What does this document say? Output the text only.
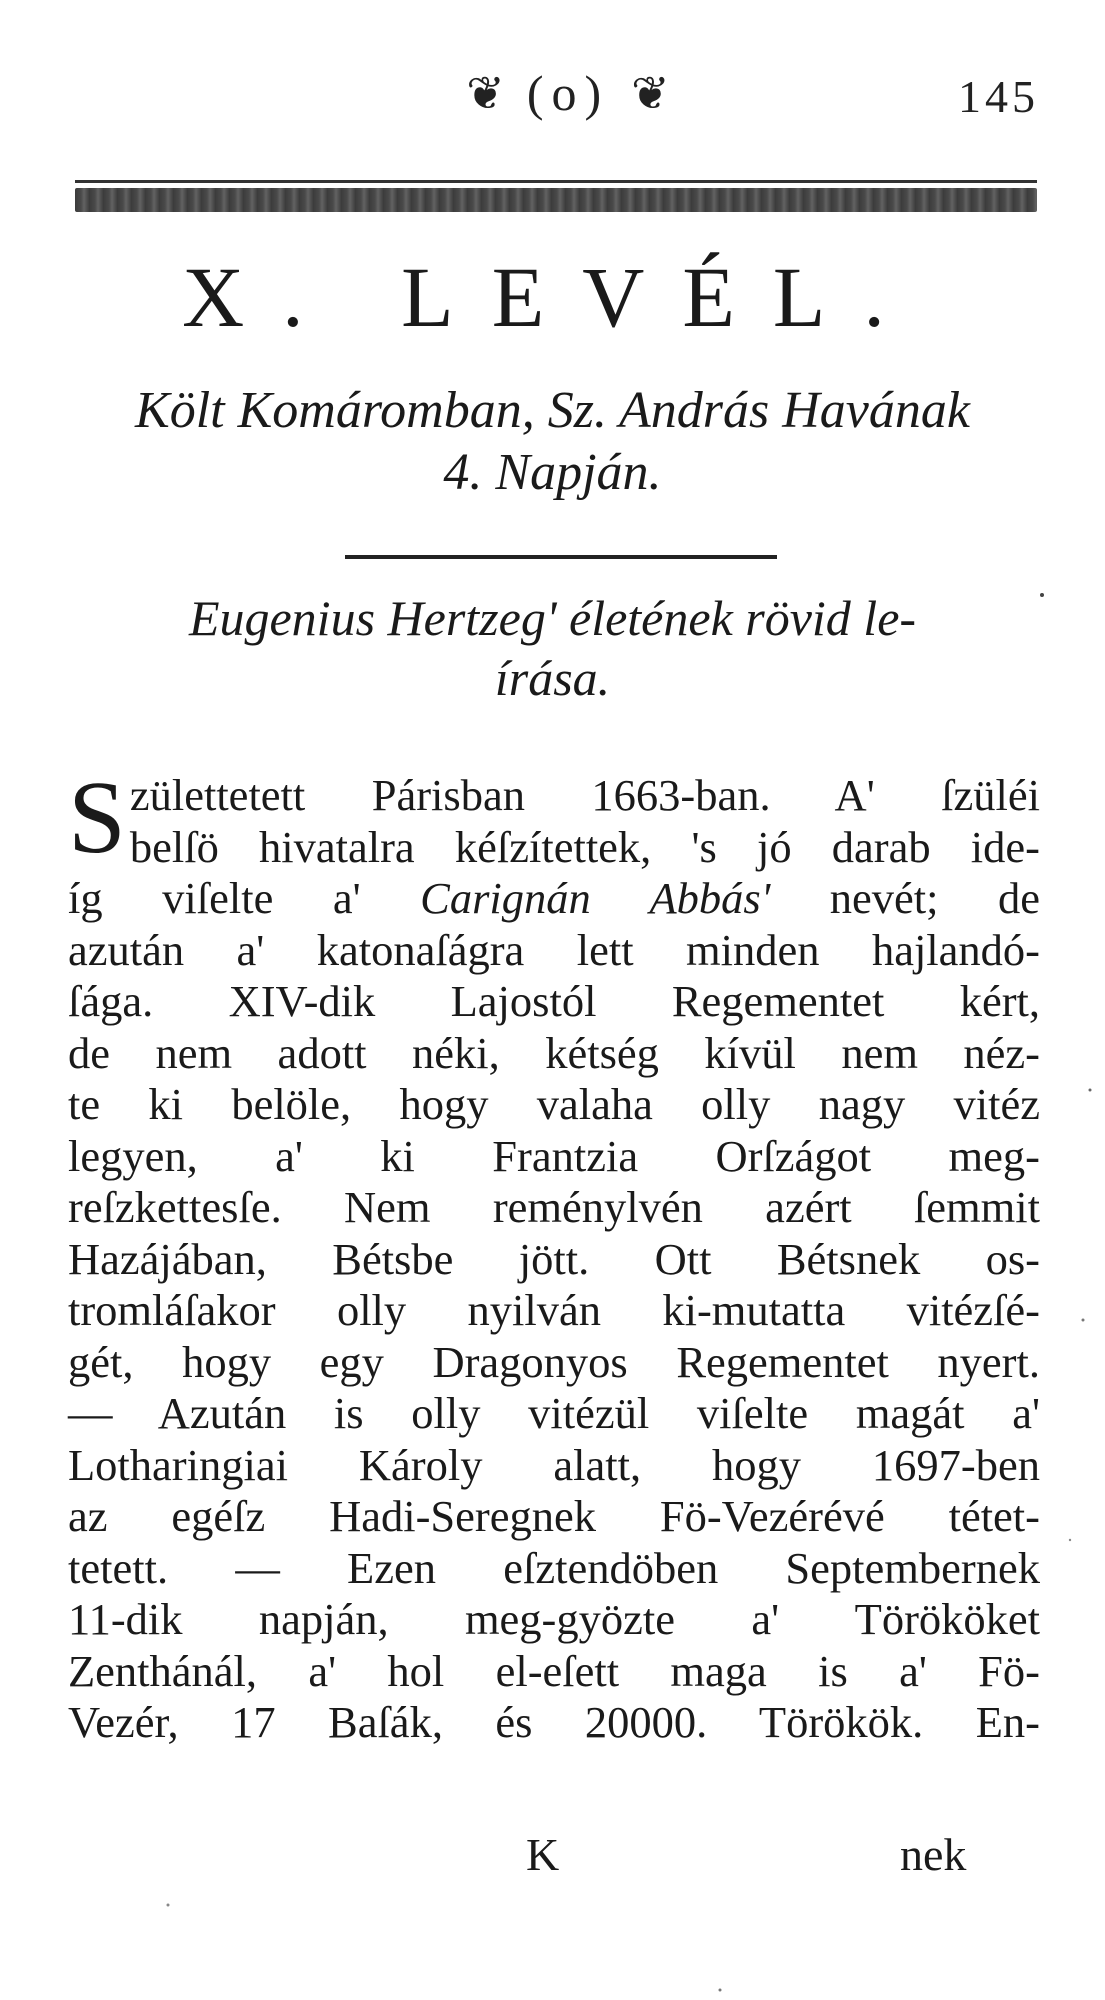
❦ (o) ❦	145
X. LEVÉL.
Költ Komáromban, Sz. András Havának
4. Napján.
Eugenius Hertzeg' életének rövid le-
írása.
S zülettetett Párisban 1663-ban. A' ſzüléi
belſö hivatalra kéſzítettek, 's jó darab ide-
íg viſelte a' Carignán Abbás' nevét; de
azután a' katonaſágra lett minden hajlandó-
ſága. XIV-dik Lajostól Regementet kért,
de nem adott néki, kétség kívül nem néz-
te ki belöle, hogy valaha olly nagy vitéz
legyen, a' ki Frantzia Orſzágot meg-
reſzkettesſe. Nem reménylvén azért ſemmit
Hazájában, Bétsbe jött. Ott Bétsnek os-
tromláſakor olly nyilván ki-mutatta vitézſé-
gét, hogy egy Dragonyos Regementet nyert.
— Azután is olly vitézül viſelte magát a'
Lotharingiai Károly alatt, hogy 1697-ben
az egéſz Hadi-Seregnek Fö-Vezérévé tétet-
tetett. — Ezen eſztendöben Septembernek
11-dik napján, meg-gyözte a' Törököket
Zenthánál, a' hol el-eſett maga is a' Fö-
Vezér, 17 Baſák, és 20000. Törökök. En-
K	nek
